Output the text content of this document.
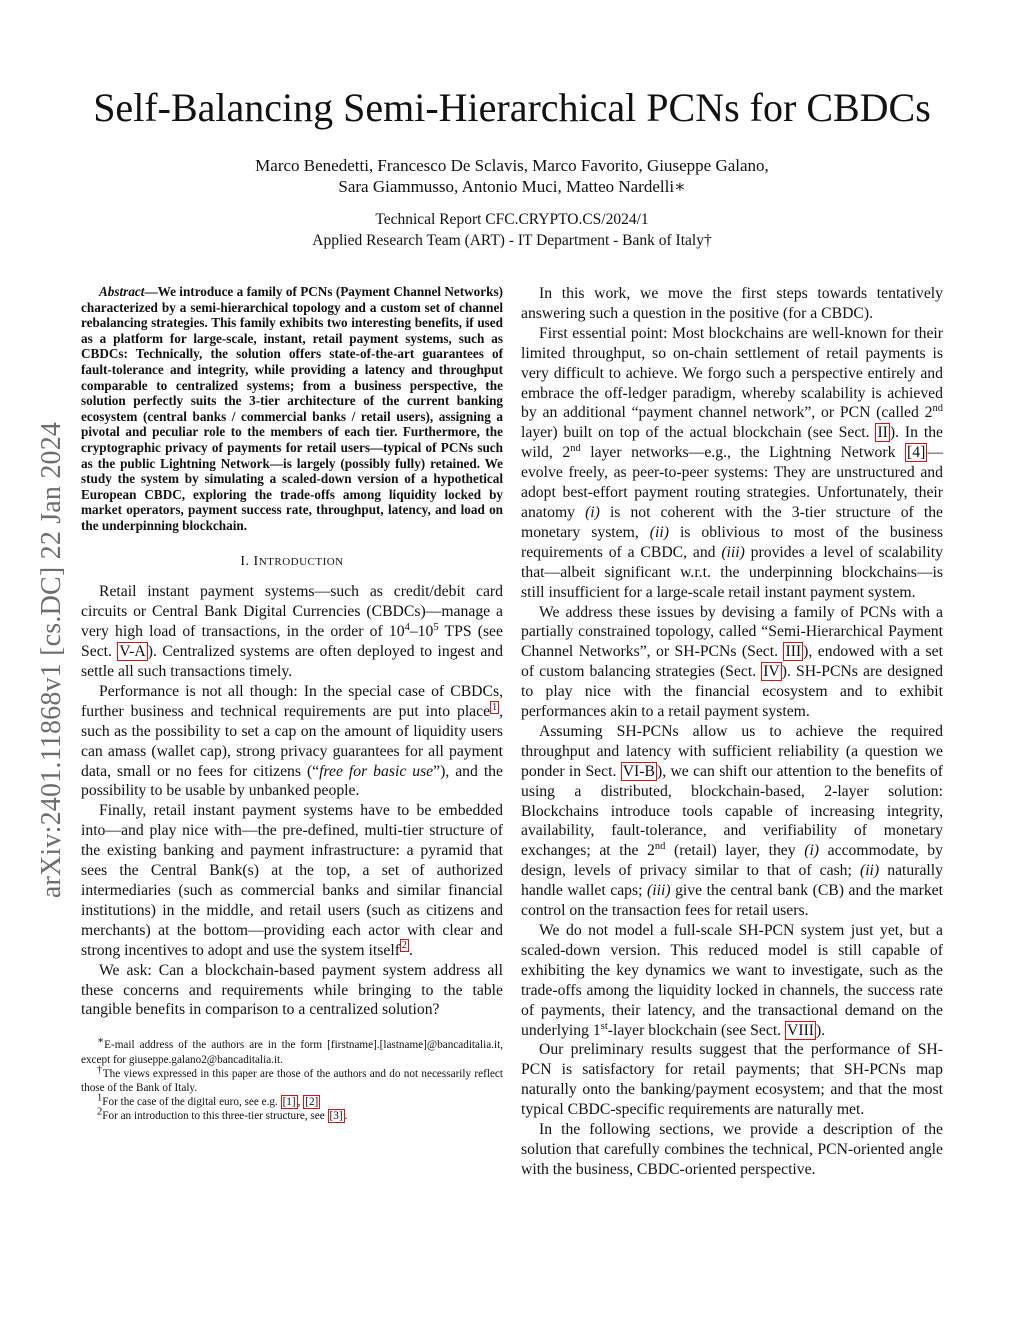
arXiv:2401.11868v1 [cs.DC] 22 Jan 2024
Self-Balancing Semi-Hierarchical PCNs for CBDCs
Marco Benedetti, Francesco De Sclavis, Marco Favorito, Giuseppe Galano,
Sara Giammusso, Antonio Muci, Matteo Nardelli∗
Technical Report CFC.CRYPTO.CS/2024/1
Applied Research Team (ART) - IT Department - Bank of Italy†

Abstract—We introduce a family of PCNs (Payment Channel Networks) characterized by a semi-hierarchical topology and a custom set of channel rebalancing strategies. This family exhibits two interesting benefits, if used as a platform for large-scale, instant, retail payment systems, such as CBDCs: Technically, the solution offers state-of-the-art guarantees of fault-tolerance and integrity, while providing a latency and throughput comparable to centralized systems; from a business perspective, the solution perfectly suits the 3-tier architecture of the current banking ecosystem (central banks / commercial banks / retail users), assigning a pivotal and peculiar role to the members of each tier. Furthermore, the cryptographic privacy of payments for retail users—typical of PCNs such as the public Lightning Network—is largely (possibly fully) retained. We study the system by simulating a scaled-down version of a hypothetical European CBDC, exploring the trade-offs among liquidity locked by market operators, payment success rate, throughput, latency, and load on the underpinning blockchain.

I. INTRODUCTION

Retail instant payment systems—such as credit/debit card circuits or Central Bank Digital Currencies (CBDCs)—manage a very high load of transactions, in the order of $10^4-10^5$ TPS (see Sect. V-A ). Centralized systems are often deployed to ingest and settle all such transactions timely.

Performance is not all though: In the special case of CBDCs, further business and technical requirements are put into place $^1$ , such as the possibility to set a cap on the amount of liquidity users can amass (wallet cap), strong privacy guarantees for all payment data, small or no fees for citizens (“free for basic use”), and the possibility to be usable by unbanked people.

Finally, retail instant payment systems have to be embedded into—and play nice with—the pre-defined, multi-tier structure of the existing banking and payment infrastructure: a pyramid that sees the Central Bank(s) at the top, a set of authorized intermediaries (such as commercial banks and similar financial institutions) in the middle, and retail users (such as citizens and merchants) at the bottom—providing each actor with clear and strong incentives to adopt and use the system itself $^2$ .

We ask: Can a blockchain-based payment system address all these concerns and requirements while bringing to the table tangible benefits in comparison to a centralized solution?

∗E-mail address of the authors are in the form [firstname].[lastname]@bancaditalia.it, except for giuseppe.galano2@bancaditalia.it.

†The views expressed in this paper are those of the authors and do not necessarily reflect those of the Bank of Italy.

$^1$For the case of the digital euro, see e.g. [1] , [2]

$^2$For an introduction to this three-tier structure, see [3] .

In this work, we move the first steps towards tentatively answering such a question in the positive (for a CBDC).

First essential point: Most blockchains are well-known for their limited throughput, so on-chain settlement of retail payments is very difficult to achieve. We forgo such a perspective entirely and embrace the off-ledger paradigm, whereby scalability is achieved by an additional “payment channel network”, or PCN (called 2nd layer) built on top of the actual blockchain (see Sect. II ). In the wild, 2nd layer networks—e.g., the Lightning Network [4] —evolve freely, as peer-to-peer systems: They are unstructured and adopt best-effort payment routing strategies. Unfortunately, their anatomy (i) is not coherent with the 3-tier structure of the monetary system, (ii) is oblivious to most of the business requirements of a CBDC, and (iii) provides a level of scalability that—albeit significant w.r.t. the underpinning blockchains—is still insufficient for a large-scale retail instant payment system.

We address these issues by devising a family of PCNs with a partially constrained topology, called “Semi-Hierarchical Payment Channel Networks”, or SH-PCNs (Sect. III ), endowed with a set of custom balancing strategies (Sect. IV ). SH-PCNs are designed to play nice with the financial ecosystem and to exhibit performances akin to a retail payment system.

Assuming SH-PCNs allow us to achieve the required throughput and latency with sufficient reliability (a question we ponder in Sect. VI-B ), we can shift our attention to the benefits of using a distributed, blockchain-based, 2-layer solution: Blockchains introduce tools capable of increasing integrity, availability, fault-tolerance, and verifiability of monetary exchanges; at the 2nd (retail) layer, they (i) accommodate, by design, levels of privacy similar to that of cash; (ii) naturally handle wallet caps; (iii) give the central bank (CB) and the market control on the transaction fees for retail users.

We do not model a full-scale SH-PCN system just yet, but a scaled-down version. This reduced model is still capable of exhibiting the key dynamics we want to investigate, such as the trade-offs among the liquidity locked in channels, the success rate of payments, their latency, and the transactional demand on the underlying 1st-layer blockchain (see Sect. VIII ).

Our preliminary results suggest that the performance of SH-PCN is satisfactory for retail payments; that SH-PCNs map naturally onto the banking/payment ecosystem; and that the most typical CBDC-specific requirements are naturally met.

In the following sections, we provide a description of the solution that carefully combines the technical, PCN-oriented angle with the business, CBDC-oriented perspective.
